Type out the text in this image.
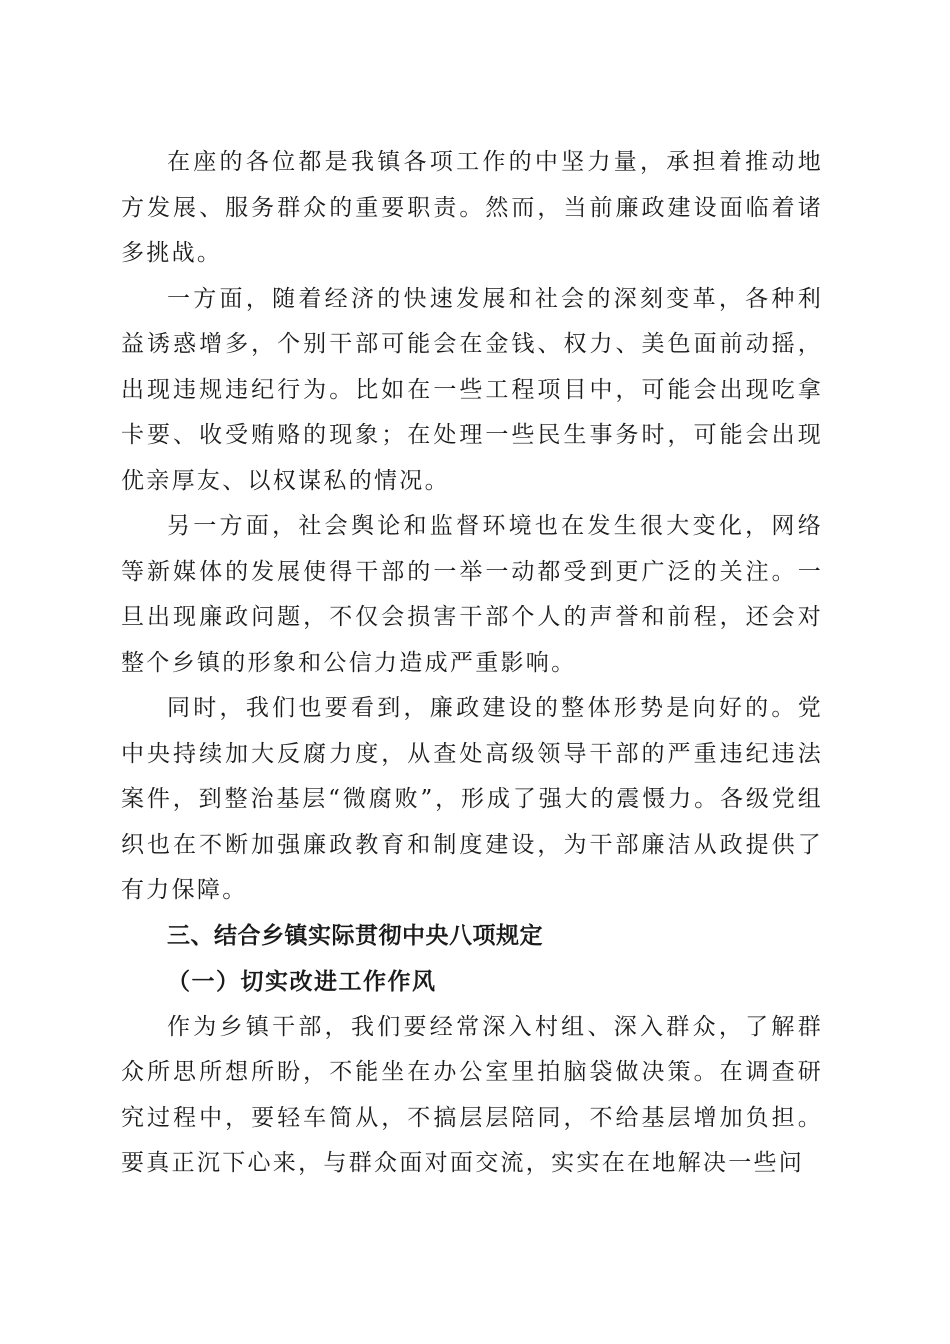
在座的各位都是我镇各项工作的中坚力量，承担着推动地方发展、服务群众的重要职责。然而，当前廉政建设面临着诸多挑战。

一方面，随着经济的快速发展和社会的深刻变革，各种利益诱惑增多，个别干部可能会在金钱、权力、美色面前动摇，出现违规违纪行为。比如在一些工程项目中，可能会出现吃拿卡要、收受贿赂的现象；在处理一些民生事务时，可能会出现优亲厚友、以权谋私的情况。

另一方面，社会舆论和监督环境也在发生很大变化，网络等新媒体的发展使得干部的一举一动都受到更广泛的关注。一旦出现廉政问题，不仅会损害干部个人的声誉和前程，还会对整个乡镇的形象和公信力造成严重影响。

同时，我们也要看到，廉政建设的整体形势是向好的。党中央持续加大反腐力度，从查处高级领导干部的严重违纪违法案件，到整治基层“微腐败”，形成了强大的震慑力。各级党组织也在不断加强廉政教育和制度建设，为干部廉洁从政提供了有力保障。

三、结合乡镇实际贯彻中央八项规定

（一）切实改进工作作风

作为乡镇干部，我们要经常深入村组、深入群众，了解群众所思所想所盼，不能坐在办公室里拍脑袋做决策。在调查研究过程中，要轻车简从，不搞层层陪同，不给基层增加负担。要真正沉下心来，与群众面对面交流，实实在在地解决一些问
